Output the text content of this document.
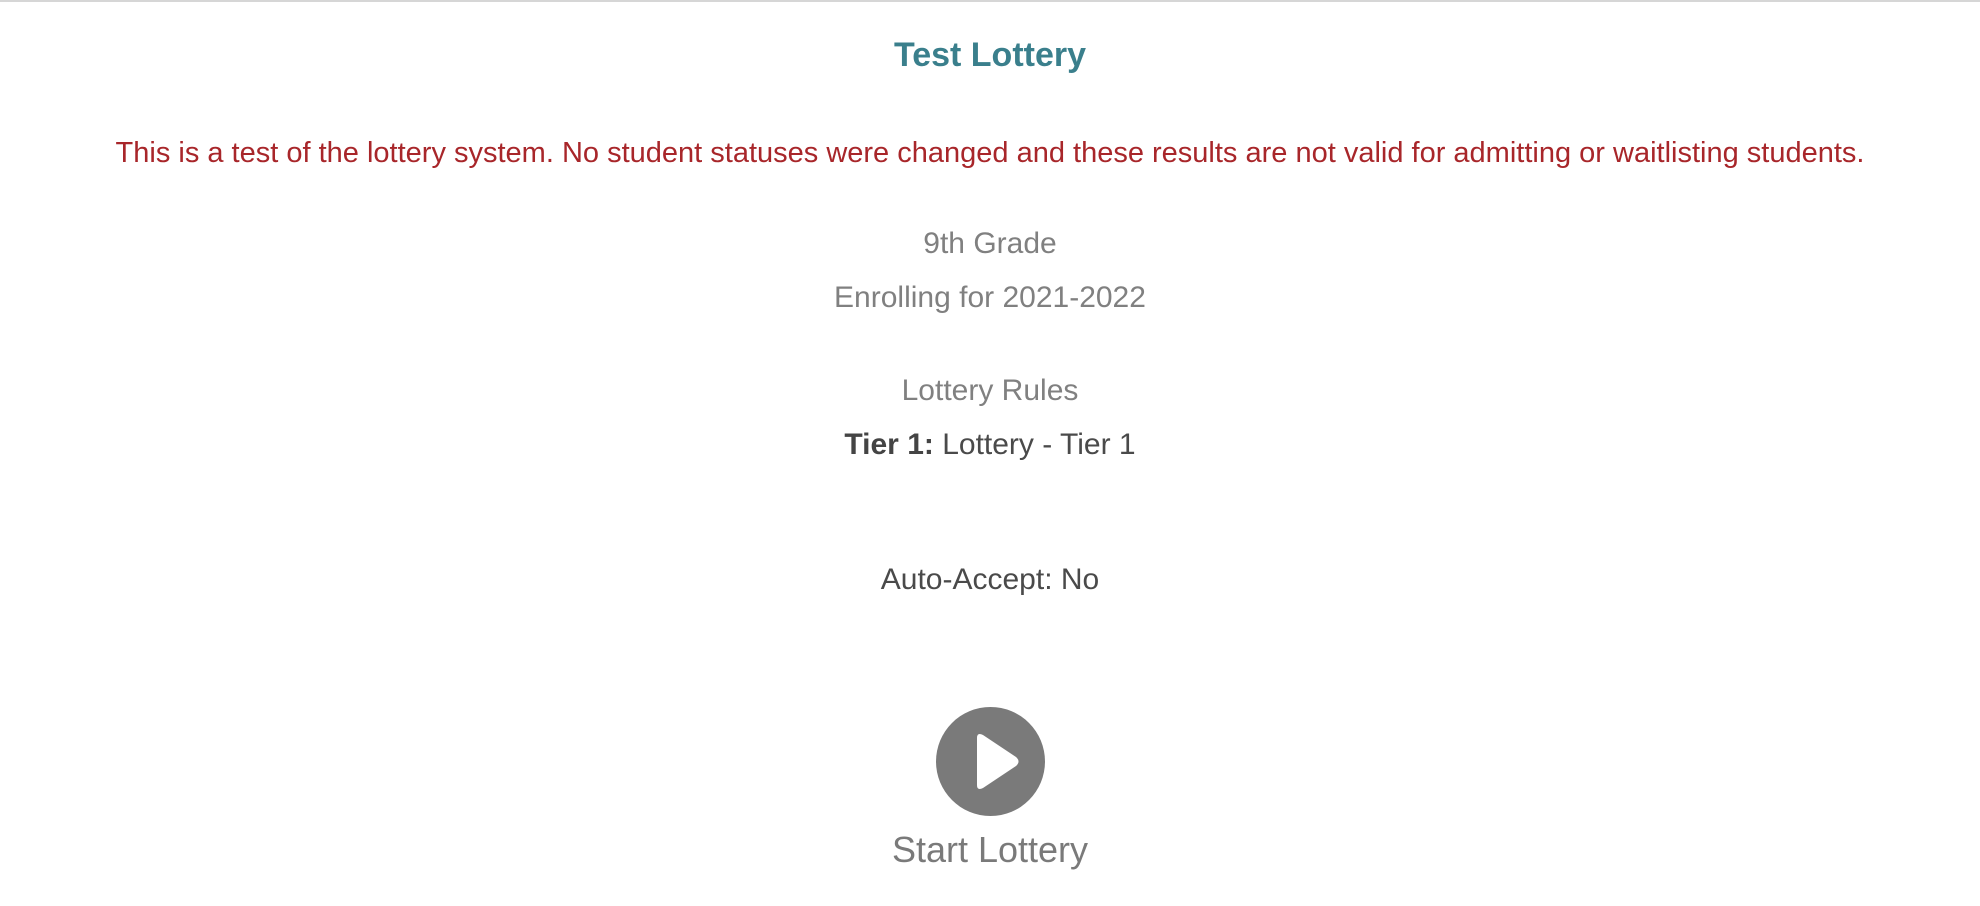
Test Lottery
This is a test of the lottery system. No student statuses were changed and these results are not valid for admitting or waitlisting students.
9th Grade
Enrolling for 2021-2022
Lottery Rules
Tier 1: Lottery - Tier 1
Auto-Accept: No
Start Lottery
